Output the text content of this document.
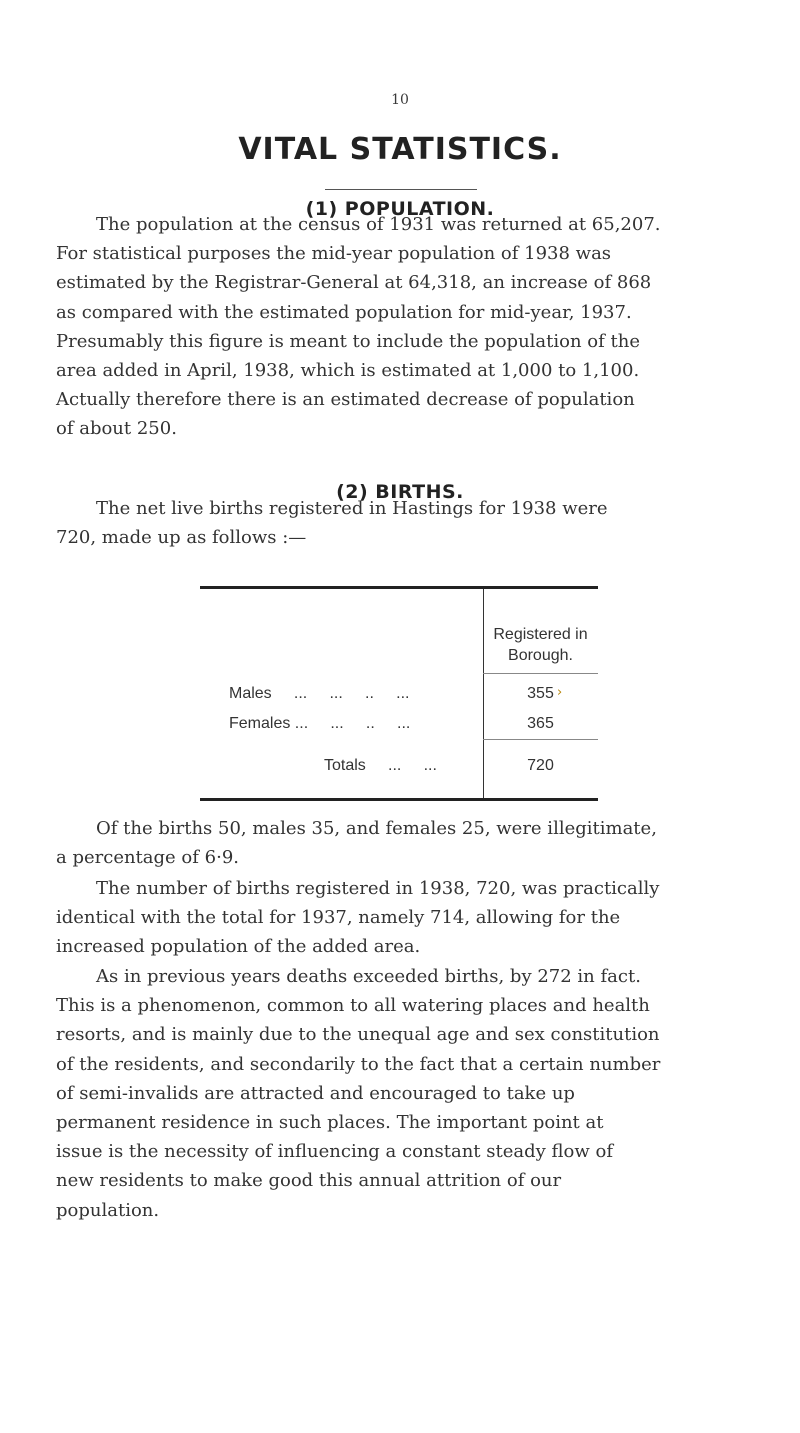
10
VITAL STATISTICS.
(1) POPULATION.
The population at the census of 1931 was returned at 65,207.
For statistical purposes the mid-year population of 1938 was
estimated by the Registrar-General at 64,318, an increase of 868
as compared with the estimated population for mid-year, 1937.
Presumably this figure is meant to include the population of the
area added in April, 1938, which is estimated at 1,000 to 1,100.
Actually therefore there is an estimated decrease of population
of about 250.
(2) BIRTHS.
The net live births registered in Hastings for 1938 were
720, made up as follows :—
Registered in
Borough.
Males     ...     ...     ..     ...	355 ›
Females ...     ...     ..     ...	365
Totals     ...     ...	720
Of the births 50, males 35, and females 25, were illegitimate,
a percentage of 6·9.
The number of births registered in 1938, 720, was practically
identical with the total for 1937, namely 714, allowing for the
increased population of the added area.
As in previous years deaths exceeded births, by 272 in fact.
This is a phenomenon, common to all watering places and health
resorts, and is mainly due to the unequal age and sex constitution
of the residents, and secondarily to the fact that a certain number
of semi-invalids are attracted and encouraged to take up
permanent residence in such places. The important point at
issue is the necessity of influencing a constant steady flow of
new residents to make good this annual attrition of our
population.
